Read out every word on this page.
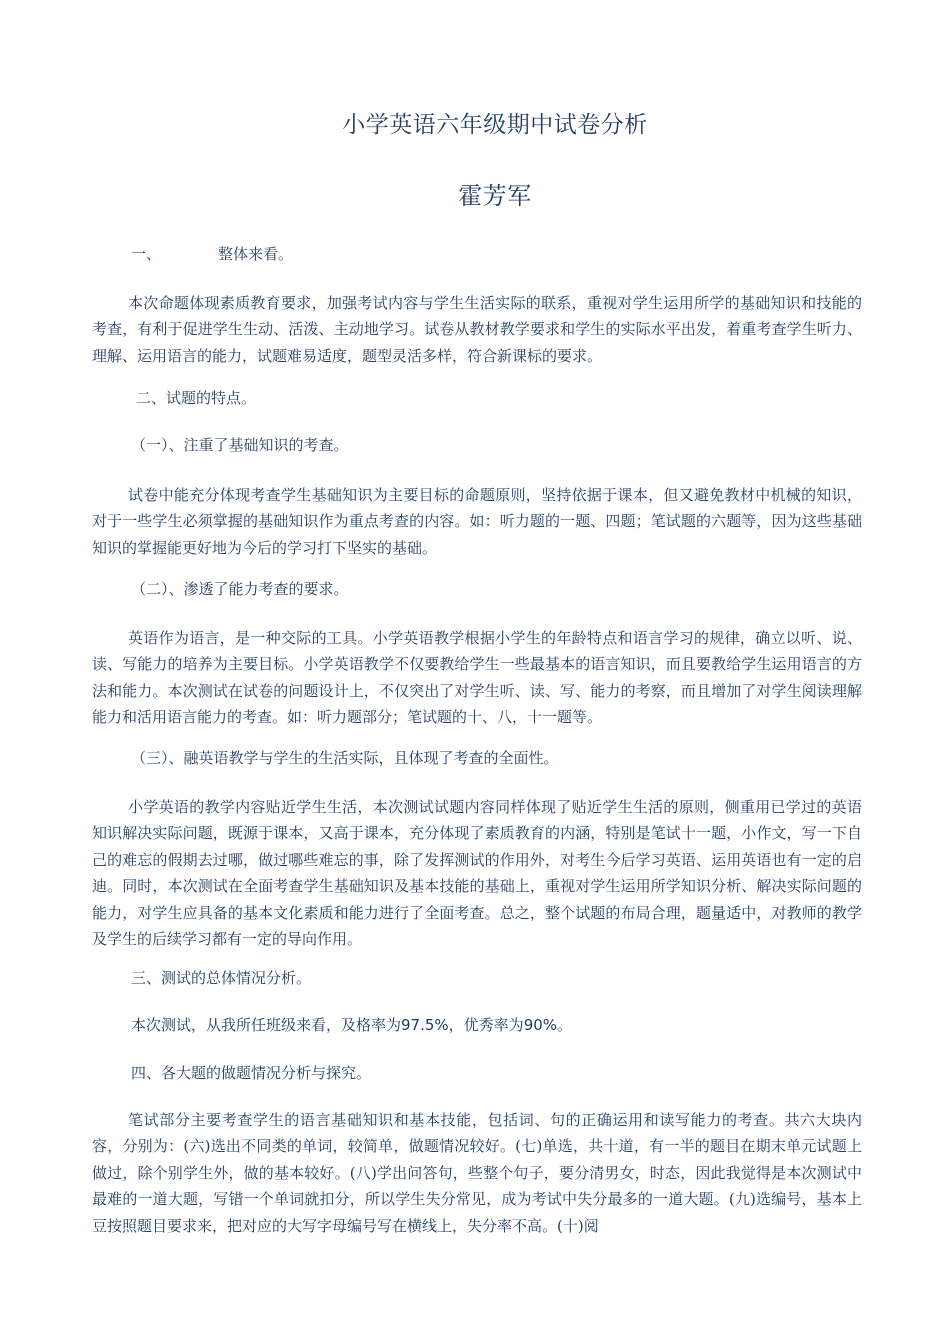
小学英语六年级期中试卷分析
霍芳军
一、	整体来看。
本次命题体现素质教育要求，加强考试内容与学生生活实际的联系，重视对学生运用所学的基础知识和技能的考查，有利于促进学生生动、活泼、主动地学习。试卷从教材教学要求和学生的实际水平出发，着重考查学生听力、理解、运用语言的能力，试题难易适度，题型灵活多样，符合新课标的要求。
二、试题的特点。
（一）、注重了基础知识的考查。
试卷中能充分体现考查学生基础知识为主要目标的命题原则，坚持依据于课本，但又避免教材中机械的知识，对于一些学生必须掌握的基础知识作为重点考查的内容。如：听力题的一题、四题；笔试题的六题等，因为这些基础知识的掌握能更好地为今后的学习打下坚实的基础。
（二）、渗透了能力考查的要求。
英语作为语言，是一种交际的工具。小学英语教学根据小学生的年龄特点和语言学习的规律，确立以听、说、读、写能力的培养为主要目标。小学英语教学不仅要教给学生一些最基本的语言知识，而且要教给学生运用语言的方法和能力。本次测试在试卷的问题设计上，不仅突出了对学生听、读、写、能力的考察，而且增加了对学生阅读理解能力和活用语言能力的考查。如：听力题部分；笔试题的十、八，十一题等。
（三）、融英语教学与学生的生活实际，且体现了考查的全面性。
小学英语的教学内容贴近学生生活，本次测试试题内容同样体现了贴近学生生活的原则，侧重用已学过的英语知识解决实际问题，既源于课本，又高于课本，充分体现了素质教育的内涵，特别是笔试十一题，小作文，写一下自己的难忘的假期去过哪，做过哪些难忘的事，除了发挥测试的作用外，对考生今后学习英语、运用英语也有一定的启迪。同时，本次测试在全面考查学生基础知识及基本技能的基础上，重视对学生运用所学知识分析、解决实际问题的能力，对学生应具备的基本文化素质和能力进行了全面考查。总之，整个试题的布局合理，题量适中，对教师的教学及学生的后续学习都有一定的导向作用。
三、测试的总体情况分析。
本次测试，从我所任班级来看，及格率为97.5%，优秀率为90%。
四、各大题的做题情况分析与探究。
笔试部分主要考查学生的语言基础知识和基本技能，包括词、句的正确运用和读写能力的考查。共六大块内容，分别为：(六)选出不同类的单词，较简单，做题情况较好。(七)单选，共十道，有一半的题目在期末单元试题上做过，除个别学生外，做的基本较好。(八)学出问答句，些整个句子，要分清男女，时态，因此我觉得是本次测试中最难的一道大题，写错一个单词就扣分，所以学生失分常见，成为考试中失分最多的一道大题。(九)选编号，基本上豆按照题目要求来，把对应的大写字母编号写在横线上，失分率不高。(十)阅
